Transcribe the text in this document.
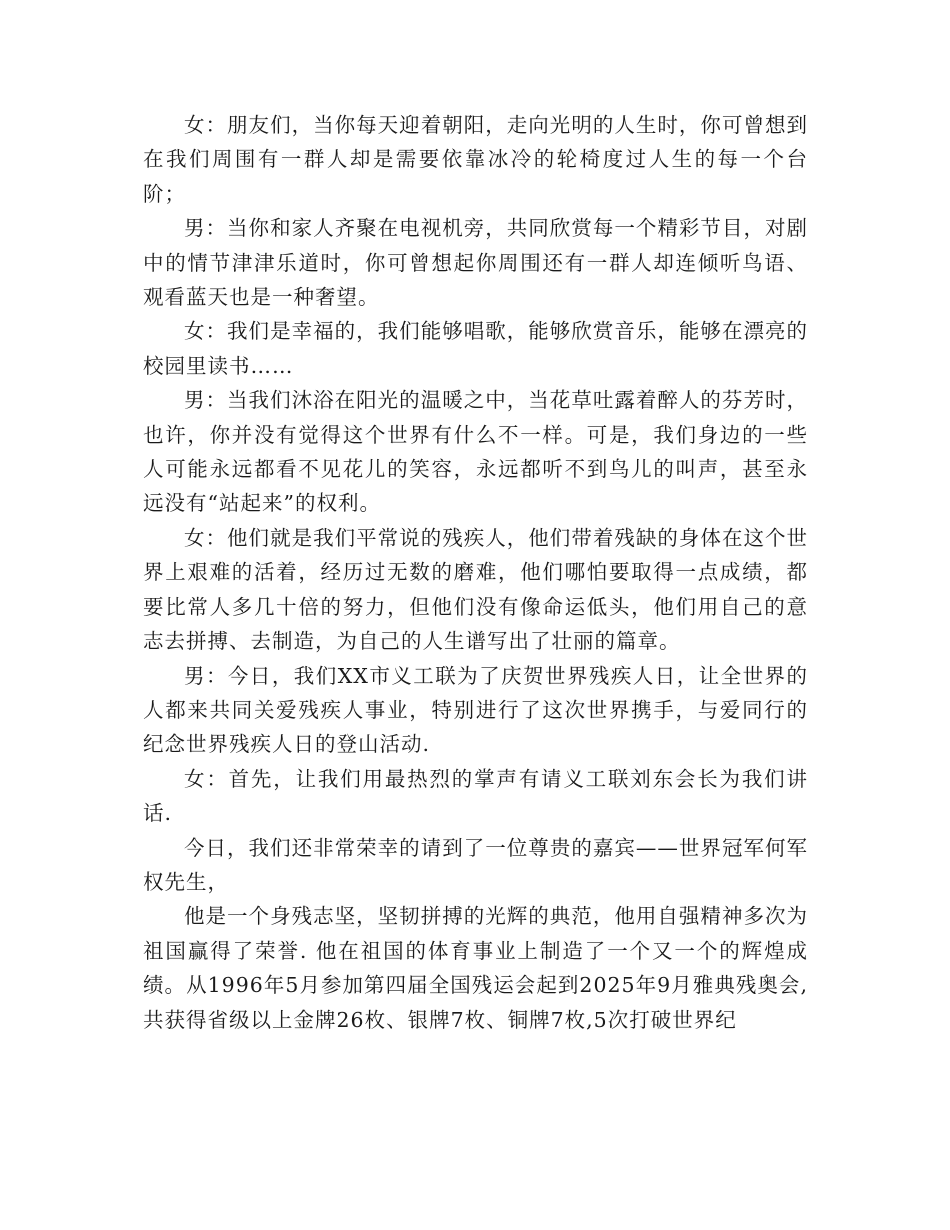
女：朋友们，当你每天迎着朝阳，走向光明的人生时，你可曾想到在我们周围有一群人却是需要依靠冰冷的轮椅度过人生的每一个台阶；

男：当你和家人齐聚在电视机旁，共同欣赏每一个精彩节目，对剧中的情节津津乐道时，你可曾想起你周围还有一群人却连倾听鸟语、观看蓝天也是一种奢望。

女：我们是幸福的，我们能够唱歌，能够欣赏音乐，能够在漂亮的校园里读书……

男：当我们沐浴在阳光的温暖之中，当花草吐露着醉人的芬芳时，也许，你并没有觉得这个世界有什么不一样。可是，我们身边的一些人可能永远都看不见花儿的笑容，永远都听不到鸟儿的叫声，甚至永远没有“站起来”的权利。

女：他们就是我们平常说的残疾人，他们带着残缺的身体在这个世界上艰难的活着，经历过无数的磨难，他们哪怕要取得一点成绩，都要比常人多几十倍的努力，但他们没有像命运低头，他们用自己的意志去拼搏、去制造，为自己的人生谱写出了壮丽的篇章。

男：今日，我们XX市义工联为了庆贺世界残疾人日，让全世界的人都来共同关爱残疾人事业，特别进行了这次世界携手，与爱同行的纪念世界残疾人日的登山活动.

女：首先，让我们用最热烈的掌声有请义工联刘东会长为我们讲话.

今日，我们还非常荣幸的请到了一位尊贵的嘉宾——世界冠军何军权先生，

他是一个身残志坚，坚韧拼搏的光辉的典范，他用自强精神多次为祖国赢得了荣誉. 他在祖国的体育事业上制造了一个又一个的辉煌成绩。从1996年5月参加第四届全国残运会起到2025年9月雅典残奥会,共获得省级以上金牌26枚、银牌7枚、铜牌7枚,5次打破世界纪
